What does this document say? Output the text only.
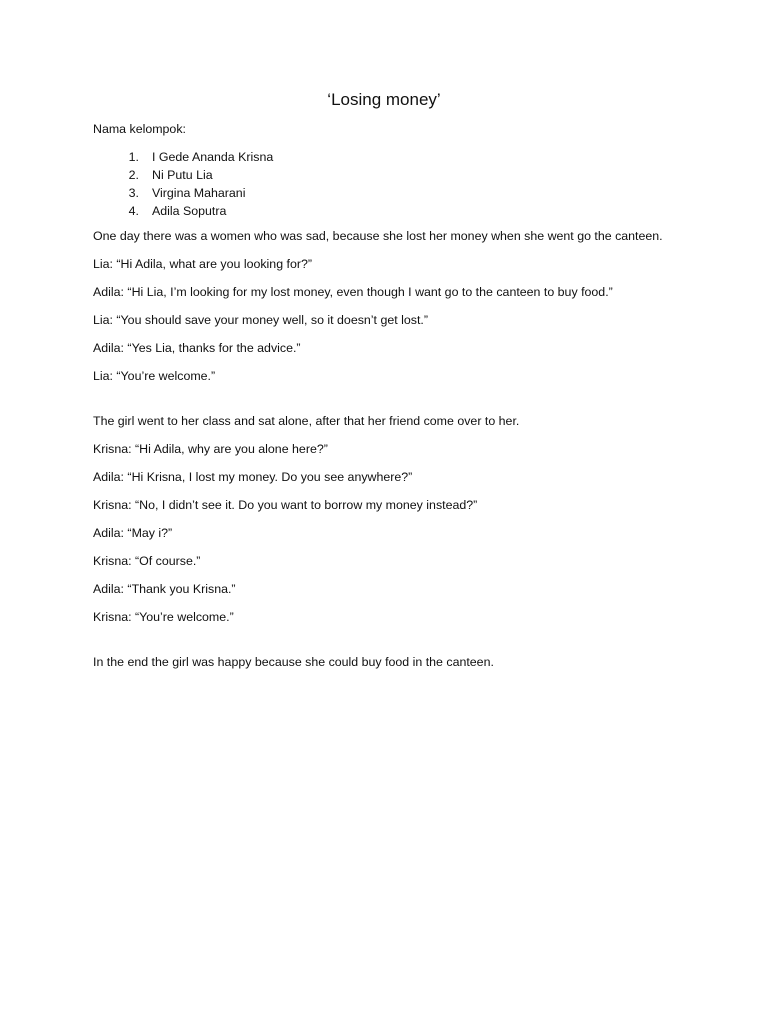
‘Losing money’

Nama kelompok:

1.	I Gede Ananda Krisna
2.	Ni Putu Lia
3.	Virgina Maharani
4.	Adila Soputra

One day there was a women who was sad, because she lost her money when she went go the canteen.

Lia: “Hi Adila, what are you looking for?”

Adila: “Hi Lia, I’m looking for my lost money, even though I want go to the canteen to buy food.”

Lia: “You should save your money well, so it doesn’t get lost.”

Adila: “Yes Lia, thanks for the advice.”

Lia: “You’re welcome.”

The girl went to her class and sat alone, after that her friend come over to her.

Krisna: “Hi Adila, why are you alone here?”

Adila: “Hi Krisna, I lost my money. Do you see anywhere?”

Krisna: “No, I didn’t see it. Do you want to borrow my money instead?”

Adila: “May i?”

Krisna: “Of course.”

Adila: “Thank you Krisna.”

Krisna: “You’re welcome.”

In the end the girl was happy because she could buy food in the canteen.
